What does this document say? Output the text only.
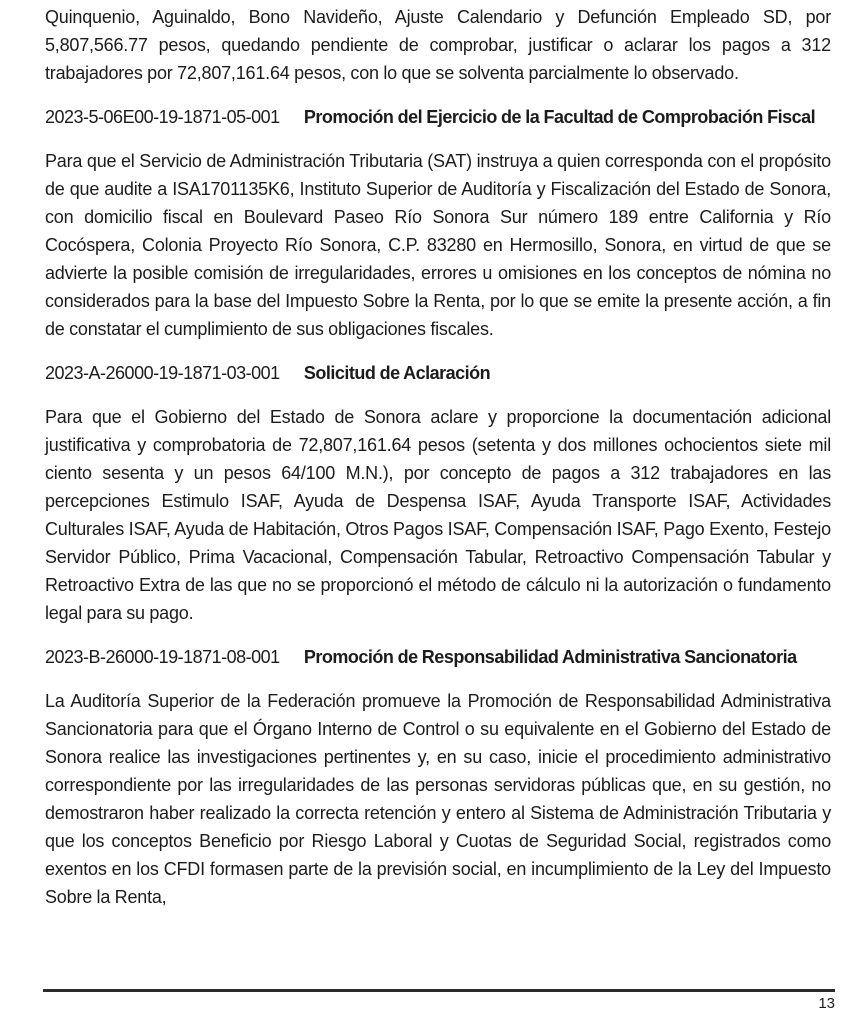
Quinquenio, Aguinaldo, Bono Navideño, Ajuste Calendario y Defunción Empleado SD, por 5,807,566.77 pesos, quedando pendiente de comprobar, justificar o aclarar los pagos a 312 trabajadores por 72,807,161.64 pesos, con lo que se solventa parcialmente lo observado.

2023-5-06E00-19-1871-05-001 Promoción del Ejercicio de la Facultad de Comprobación Fiscal

Para que el Servicio de Administración Tributaria (SAT) instruya a quien corresponda con el propósito de que audite a ISA1701135K6, Instituto Superior de Auditoría y Fiscalización del Estado de Sonora, con domicilio fiscal en Boulevard Paseo Río Sonora Sur número 189 entre California y Río Cocóspera, Colonia Proyecto Río Sonora, C.P. 83280 en Hermosillo, Sonora, en virtud de que se advierte la posible comisión de irregularidades, errores u omisiones en los conceptos de nómina no considerados para la base del Impuesto Sobre la Renta, por lo que se emite la presente acción, a fin de constatar el cumplimiento de sus obligaciones fiscales.

2023-A-26000-19-1871-03-001 Solicitud de Aclaración

Para que el Gobierno del Estado de Sonora aclare y proporcione la documentación adicional justificativa y comprobatoria de 72,807,161.64 pesos (setenta y dos millones ochocientos siete mil ciento sesenta y un pesos 64/100 M.N.), por concepto de pagos a 312 trabajadores en las percepciones Estimulo ISAF, Ayuda de Despensa ISAF, Ayuda Transporte ISAF, Actividades Culturales ISAF, Ayuda de Habitación, Otros Pagos ISAF, Compensación ISAF, Pago Exento, Festejo Servidor Público, Prima Vacacional, Compensación Tabular, Retroactivo Compensación Tabular y Retroactivo Extra de las que no se proporcionó el método de cálculo ni la autorización o fundamento legal para su pago.

2023-B-26000-19-1871-08-001 Promoción de Responsabilidad Administrativa Sancionatoria

La Auditoría Superior de la Federación promueve la Promoción de Responsabilidad Administrativa Sancionatoria para que el Órgano Interno de Control o su equivalente en el Gobierno del Estado de Sonora realice las investigaciones pertinentes y, en su caso, inicie el procedimiento administrativo correspondiente por las irregularidades de las personas servidoras públicas que, en su gestión, no demostraron haber realizado la correcta retención y entero al Sistema de Administración Tributaria y que los conceptos Beneficio por Riesgo Laboral y Cuotas de Seguridad Social, registrados como exentos en los CFDI formasen parte de la previsión social, en incumplimiento de la Ley del Impuesto Sobre la Renta,

13
